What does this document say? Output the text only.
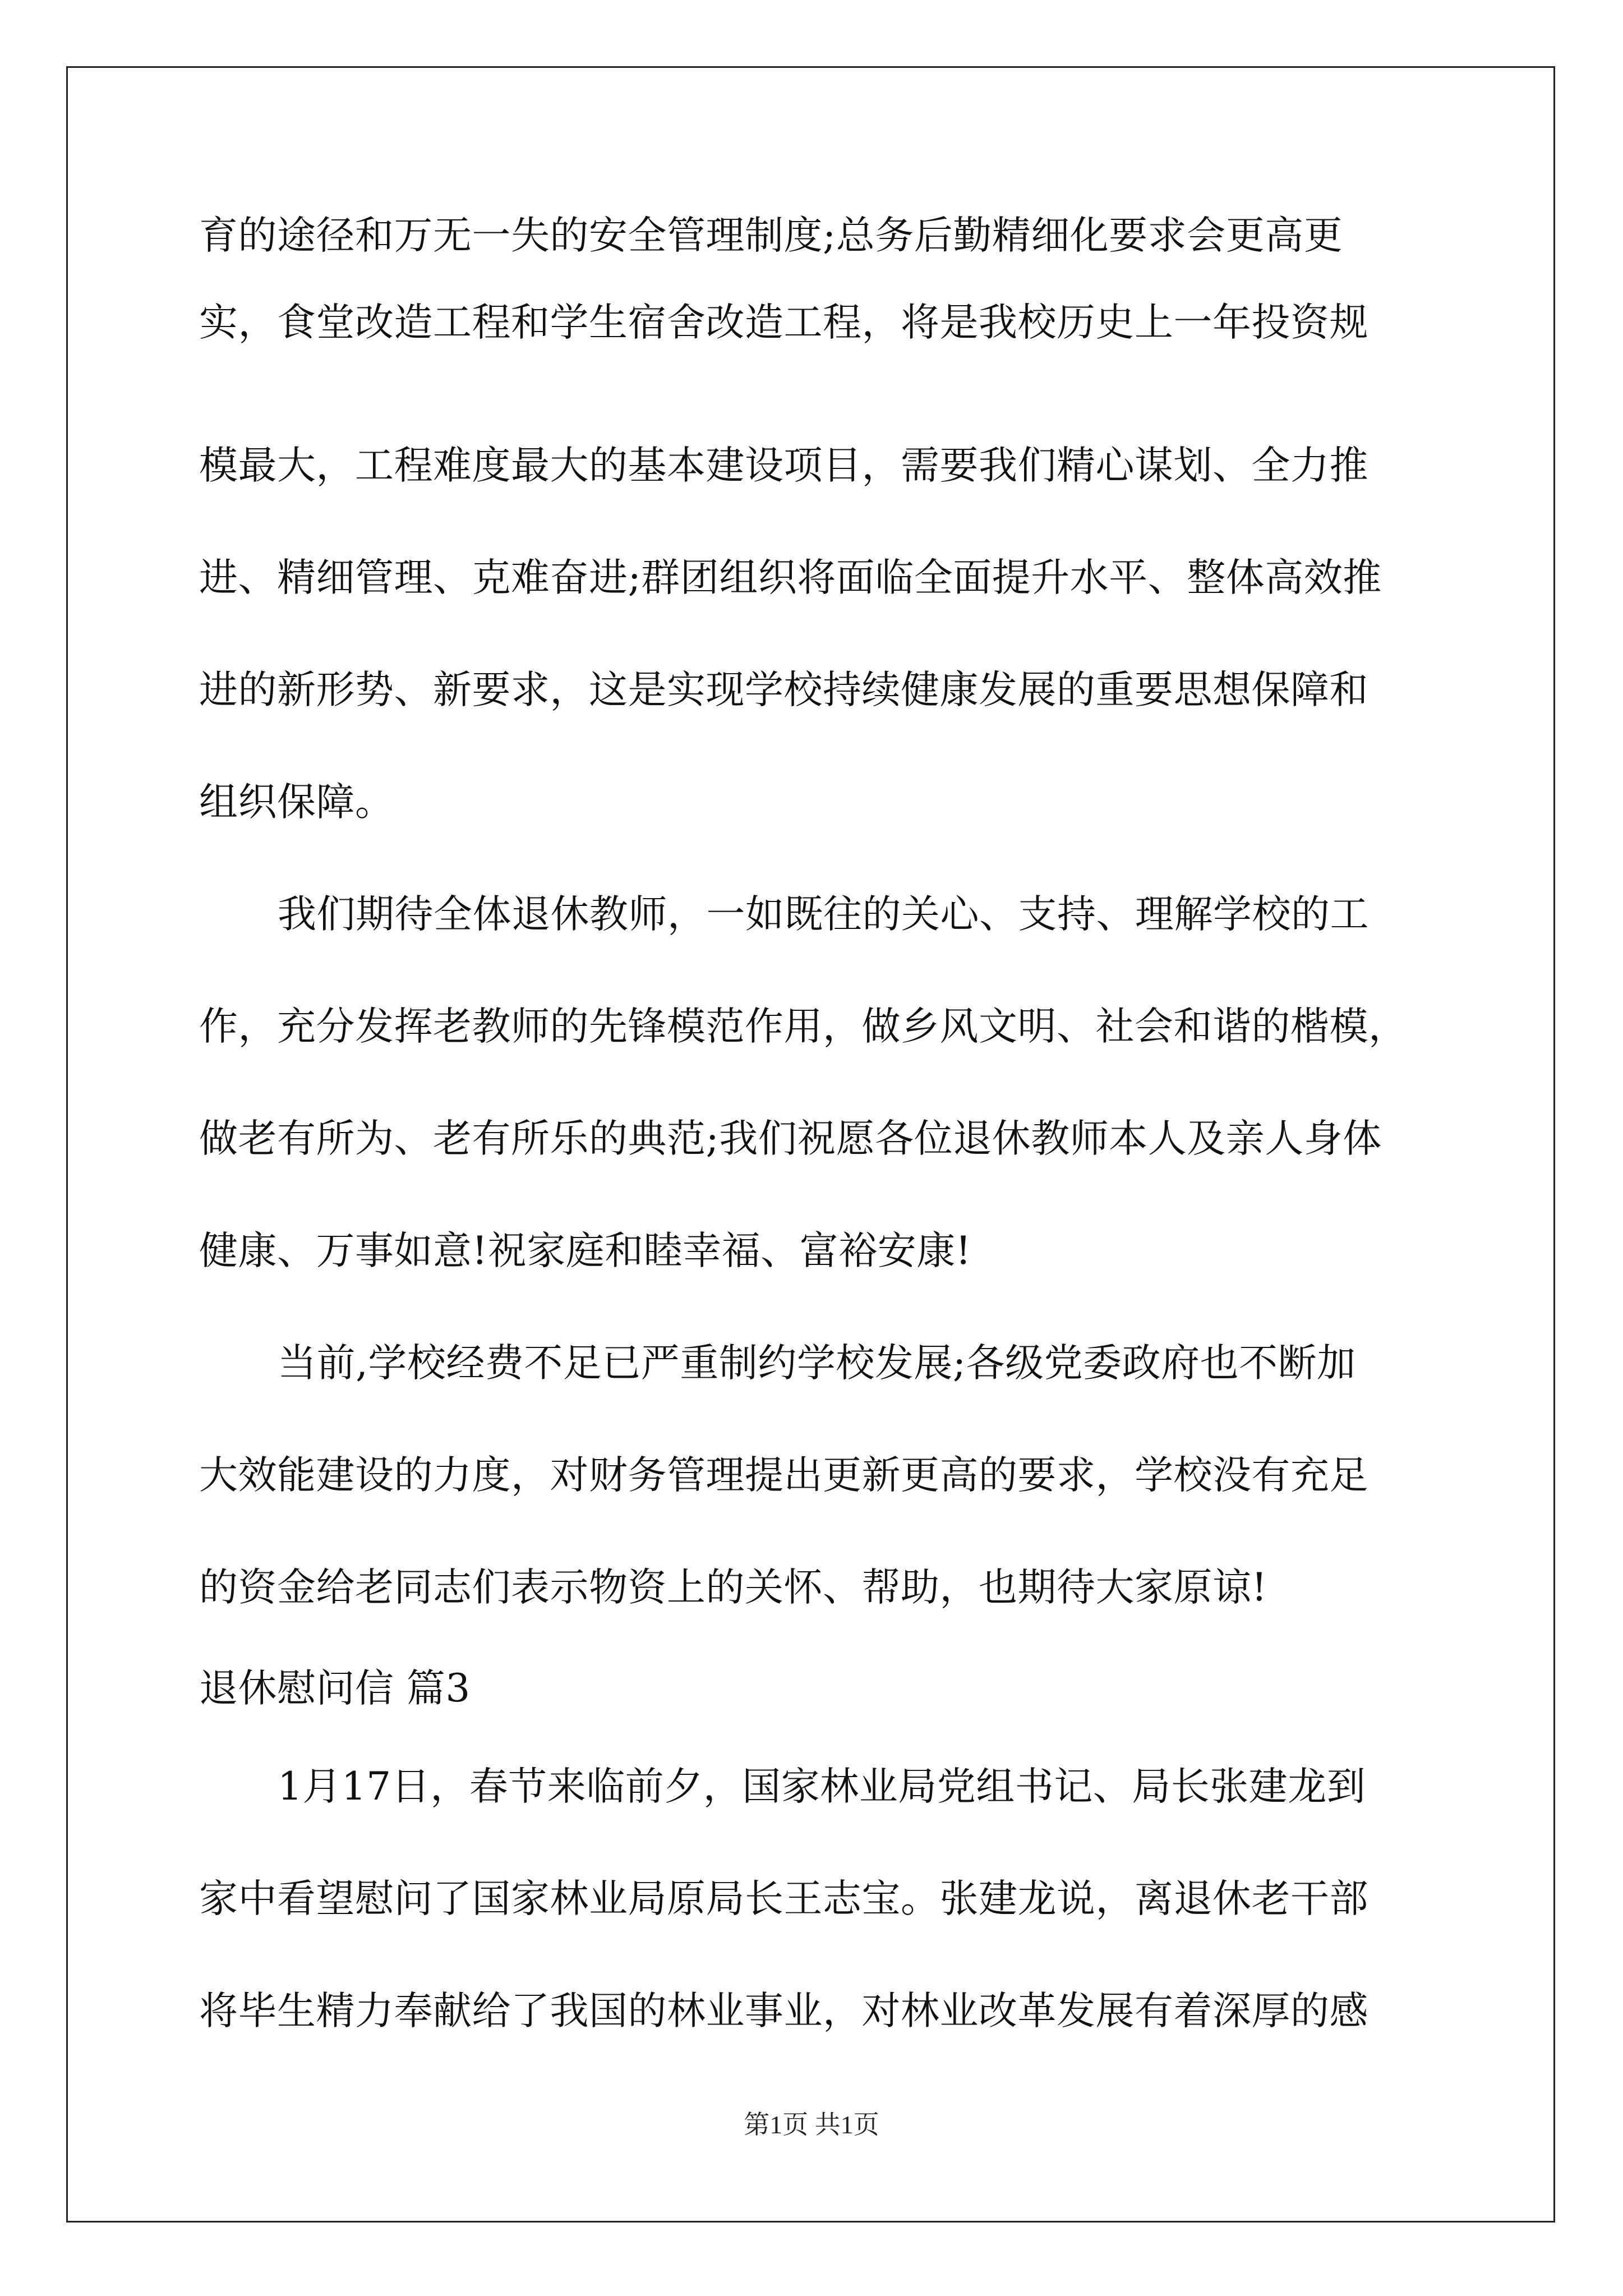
育的途径和万无一失的安全管理制度;总务后勤精细化要求会更高更
实，食堂改造工程和学生宿舍改造工程，将是我校历史上一年投资规
模最大，工程难度最大的基本建设项目，需要我们精心谋划、全力推
进、精细管理、克难奋进;群团组织将面临全面提升水平、整体高效推
进的新形势、新要求，这是实现学校持续健康发展的重要思想保障和
组织保障。
我们期待全体退休教师，一如既往的关心、支持、理解学校的工
作，充分发挥老教师的先锋模范作用，做乡风文明、社会和谐的楷模，
做老有所为、老有所乐的典范;我们祝愿各位退休教师本人及亲人身体
健康、万事如意!祝家庭和睦幸福、富裕安康!
当前,学校经费不足已严重制约学校发展;各级党委政府也不断加
大效能建设的力度，对财务管理提出更新更高的要求，学校没有充足
的资金给老同志们表示物资上的关怀、帮助，也期待大家原谅!
退休慰问信 篇3
1月17日，春节来临前夕，国家林业局党组书记、局长张建龙到
家中看望慰问了国家林业局原局长王志宝。张建龙说，离退休老干部
将毕生精力奉献给了我国的林业事业，对林业改革发展有着深厚的感
第1页 共1页
